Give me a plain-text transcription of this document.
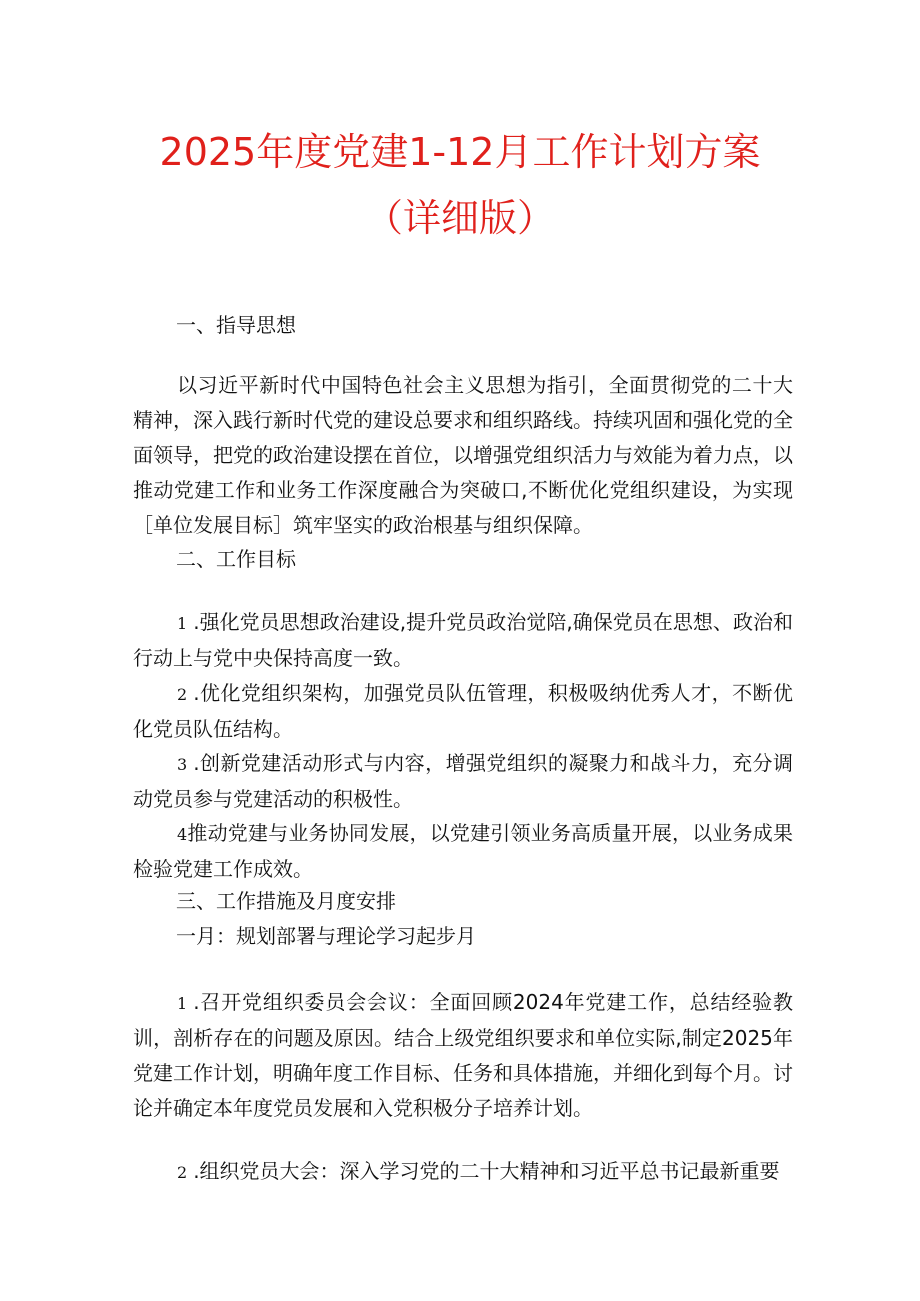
2025年度党建1-12月工作计划方案
（详细版）
一、指导思想
以习近平新时代中国特色社会主义思想为指引，全面贯彻党的二十大精神，深入践行新时代党的建设总要求和组织路线。持续巩固和强化党的全面领导，把党的政治建设摆在首位，以增强党组织活力与效能为着力点，以推动党建工作和业务工作深度融合为突破口,不断优化党组织建设，为实现［单位发展目标］筑牢坚实的政治根基与组织保障。
二、工作目标
1 .强化党员思想政治建设,提升党员政治觉陪,确保党员在思想、政治和行动上与党中央保持高度一致。
2 .优化党组织架构，加强党员队伍管理，积极吸纳优秀人才，不断优化党员队伍结构。
3 .创新党建活动形式与内容，增强党组织的凝聚力和战斗力，充分调动党员参与党建活动的积极性。
4推动党建与业务协同发展，以党建引领业务高质量开展，以业务成果检验党建工作成效。
三、工作措施及月度安排
一月：规划部署与理论学习起步月
1 .召开党组织委员会会议：全面回顾2024年党建工作，总结经验教训，剖析存在的问题及原因。结合上级党组织要求和单位实际,制定2025年党建工作计划，明确年度工作目标、任务和具体措施，并细化到每个月。讨论并确定本年度党员发展和入党积极分子培养计划。
2 .组织党员大会：深入学习党的二十大精神和习近平总书记最新重要
